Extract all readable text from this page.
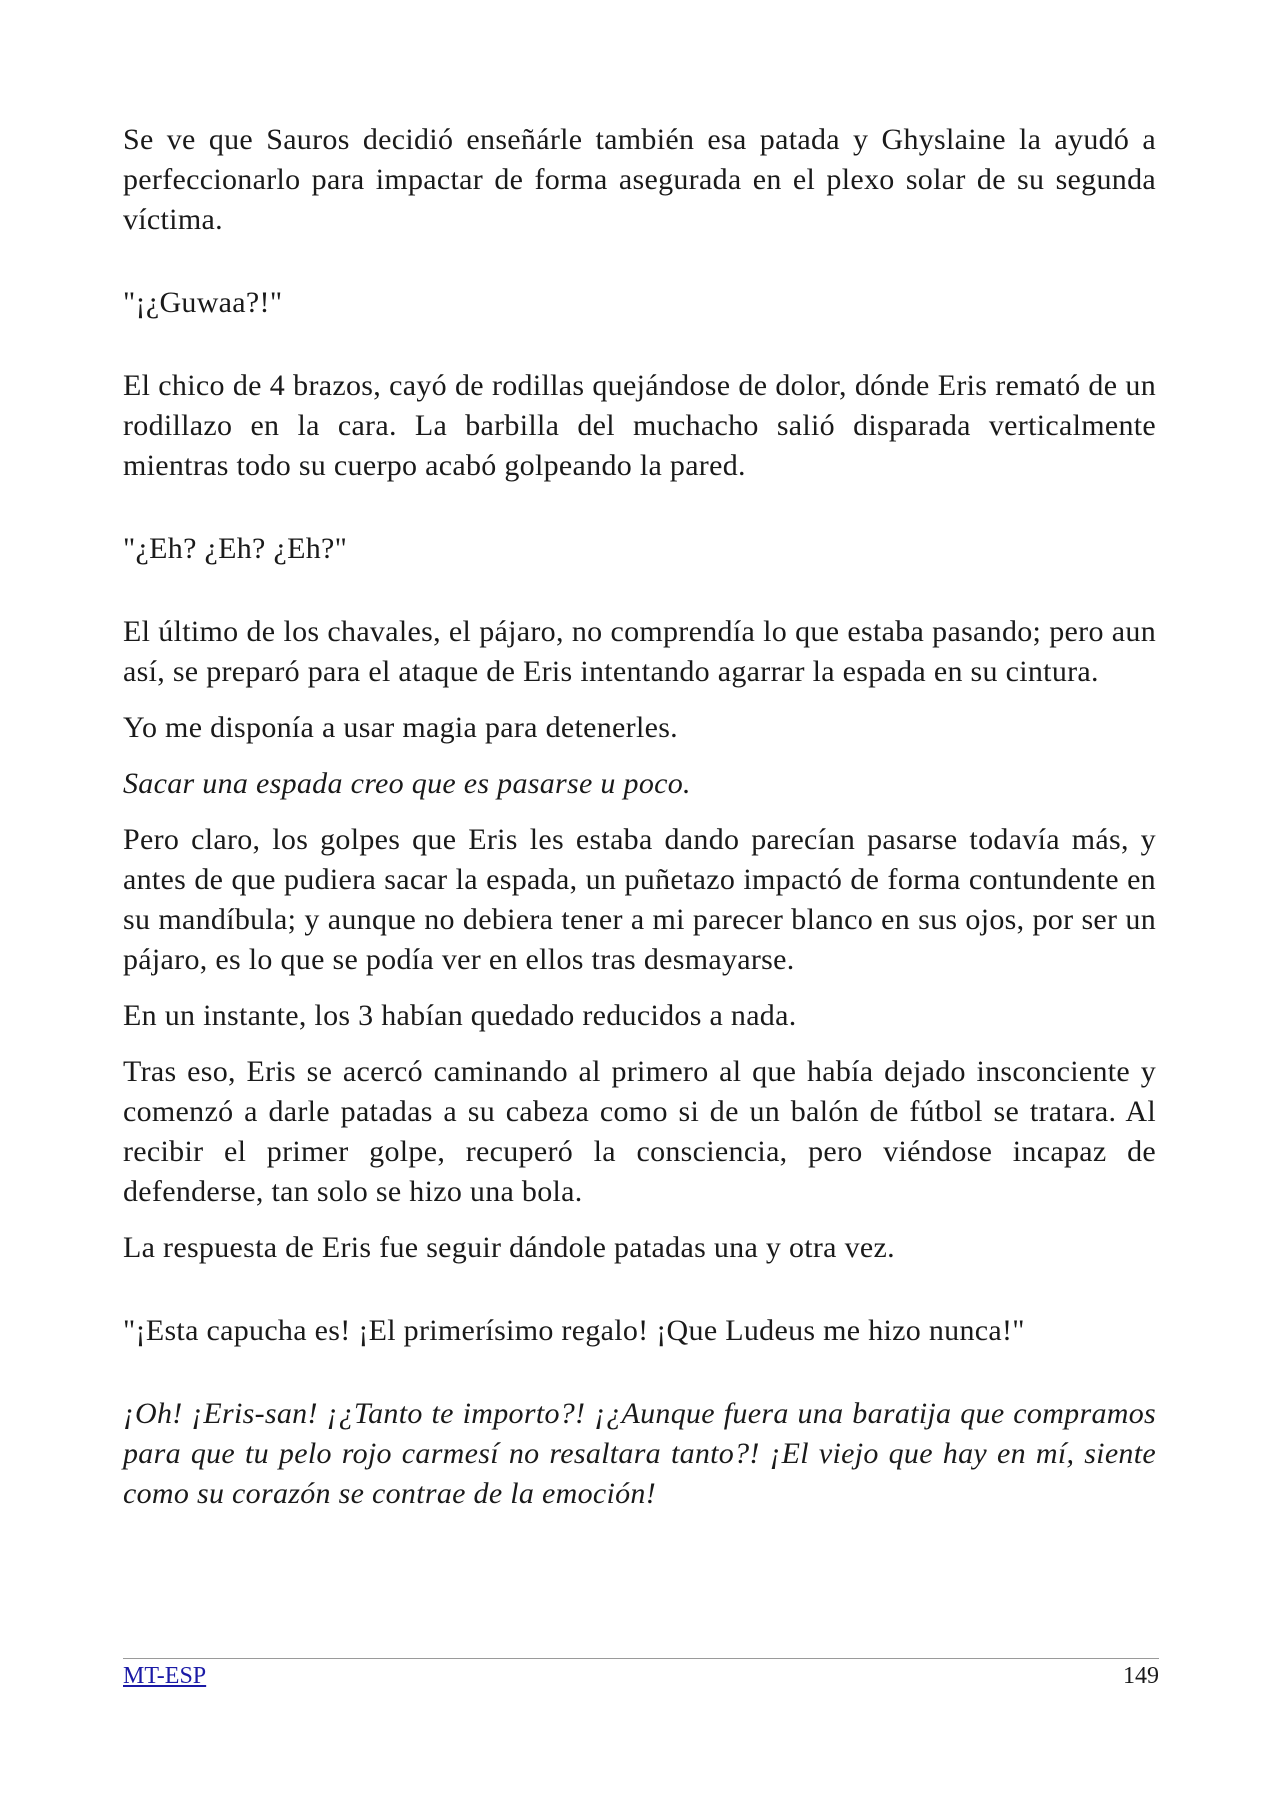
Se ve que Sauros decidió enseñárle también esa patada y Ghyslaine la ayudó a perfeccionarlo para impactar de forma asegurada en el plexo solar de su segunda víctima.

"¡¿Guwaa?!"

El chico de 4 brazos, cayó de rodillas quejándose de dolor, dónde Eris remató de un rodillazo en la cara. La barbilla del muchacho salió disparada verticalmente mientras todo su cuerpo acabó golpeando la pared.

"¿Eh? ¿Eh? ¿Eh?"

El último de los chavales, el pájaro, no comprendía lo que estaba pasando; pero aun así, se preparó para el ataque de Eris intentando agarrar la espada en su cintura.

Yo me disponía a usar magia para detenerles.

Sacar una espada creo que es pasarse u poco.

Pero claro, los golpes que Eris les estaba dando parecían pasarse todavía más, y antes de que pudiera sacar la espada, un puñetazo impactó de forma contundente en su mandíbula; y aunque no debiera tener a mi parecer blanco en sus ojos, por ser un pájaro, es lo que se podía ver en ellos tras desmayarse.

En un instante, los 3 habían quedado reducidos a nada.

Tras eso, Eris se acercó caminando al primero al que había dejado insconciente y comenzó a darle patadas a su cabeza como si de un balón de fútbol se tratara. Al recibir el primer golpe, recuperó la consciencia, pero viéndose incapaz de defenderse, tan solo se hizo una bola.

La respuesta de Eris fue seguir dándole patadas una y otra vez.

"¡Esta capucha es! ¡El primerísimo regalo! ¡Que Ludeus me hizo nunca!"

¡Oh! ¡Eris-san! ¡¿Tanto te importo?! ¡¿Aunque fuera una baratija que compramos para que tu pelo rojo carmesí no resaltara tanto?! ¡El viejo que hay en mí, siente como su corazón se contrae de la emoción!

MT-ESP	149
